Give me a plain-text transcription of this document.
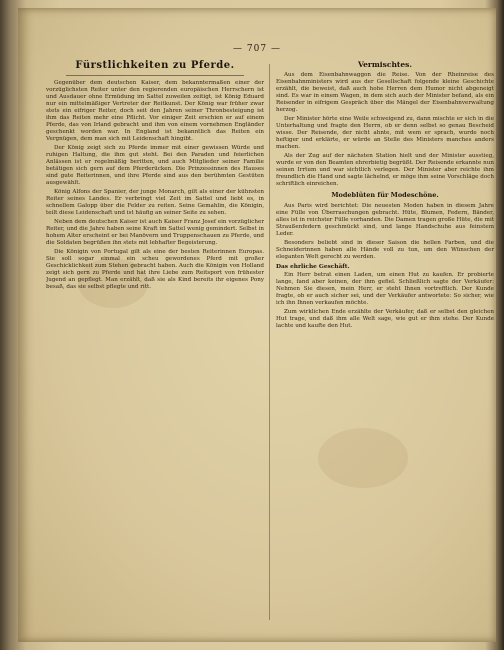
— 707 —
Fürstlichkeiten zu Pferde.

Gegenüber dem deutschen Kaiser, dem bekanntermaßen einer der vorzüglichsten Reiter unter den regierenden europäischen Herrschern ist und Ausdauer ohne Ermüdung im Sattel zuweilen zeitigt, ist König Eduard nur ein mittelmäßiger Vertreter der Reitkunst. Der König war früher zwar stets ein eifriger Reiter, doch seit den Jahren seiner Thronbesteigung ist ihm das Reiten mehr eine Pflicht. Vor einiger Zeit erschien er auf einem Pferde, das von Irland gebracht und ihm von einem vornehmen Engländer geschenkt worden war. In England ist bekanntlich das Reiten ein Vergnügen, dem man sich mit Leidenschaft hingibt.

Der König zeigt sich zu Pferde immer mit einer gewissen Würde und ruhigen Haltung, die ihm gut steht. Bei den Paraden und feierlichen Anlässen ist er regelmäßig beritten, und auch Mitglieder seiner Familie betätigen sich gern auf dem Pferderücken. Die Prinzessinnen des Hauses sind gute Reiterinnen, und ihre Pferde sind aus den berühmten Gestüten ausgewählt.

König Alfons der Spanier, der junge Monarch, gilt als einer der kühnsten Reiter seines Landes. Er verbringt viel Zeit im Sattel und liebt es, in schnellem Galopp über die Felder zu reiten. Seine Gemahlin, die Königin, teilt diese Leidenschaft und ist häufig an seiner Seite zu sehen.

Neben dem deutschen Kaiser ist auch Kaiser Franz Josef ein vorzüglicher Reiter, und die Jahre haben seine Kraft im Sattel wenig gemindert. Selbst in hohem Alter erscheint er bei Manövern und Truppenschauen zu Pferde, und die Soldaten begrüßen ihn stets mit lebhafter Begeisterung.

Die Königin von Portugal gilt als eine der besten Reiterinnen Europas. Sie soll sogar einmal ein scheu gewordenes Pferd mit großer Geschicklichkeit zum Stehen gebracht haben. Auch die Königin von Holland zeigt sich gern zu Pferde und hat ihre Liebe zum Reitsport von frühester Jugend an gepflegt. Man erzählt, daß sie als Kind bereits ihr eigenes Pony besaß, das sie selbst pflegte und ritt.

Vermischtes.

Aus dem Eisenbahnwaggon die Reise. Von der Rheinreise des Eisenbahnministers wird aus der Gesellschaft folgende kleine Geschichte erzählt, die beweist, daß auch hohe Herren dem Humor nicht abgeneigt sind. Es war in einem Wagen, in dem sich auch der Minister befand, als ein Reisender in eifrigem Gespräch über die Mängel der Eisenbahnverwaltung herzog.

Der Minister hörte eine Weile schweigend zu, dann mischte er sich in die Unterhaltung und fragte den Herrn, ob er denn selbst so genau Bescheid wisse. Der Reisende, der nicht ahnte, mit wem er sprach, wurde noch heftiger und erklärte, er würde an Stelle des Ministers manches anders machen.

Als der Zug auf der nächsten Station hielt und der Minister ausstieg, wurde er von den Beamten ehrerbietig begrüßt. Der Reisende erkannte nun seinen Irrtum und war sichtlich verlegen. Der Minister aber reichte ihm freundlich die Hand und sagte lächelnd, er möge ihm seine Vorschläge doch schriftlich einreichen.

Modeblüten für Modeschöne.

Aus Paris wird berichtet: Die neuesten Moden haben in diesem Jahre eine Fülle von Überraschungen gebracht. Hüte, Blumen, Federn, Bänder, alles ist in reichster Fülle vorhanden. Die Damen tragen große Hüte, die mit Straußenfedern geschmückt sind, und lange Handschuhe aus feinstem Leder.

Besonders beliebt sind in dieser Saison die hellen Farben, und die Schneiderinnen haben alle Hände voll zu tun, um den Wünschen der eleganten Welt gerecht zu werden.

Das ehrliche Geschäft.

Ein Herr betrat einen Laden, um einen Hut zu kaufen. Er probierte lange, fand aber keinen, der ihm gefiel. Schließlich sagte der Verkäufer: Nehmen Sie diesen, mein Herr, er steht Ihnen vortrefflich. Der Kunde fragte, ob er auch sicher sei, und der Verkäufer antwortete: So sicher, wie ich ihn Ihnen verkaufen möchte.

Zum wirklichen Ende erzählte der Verkäufer, daß er selbst den gleichen Hut trage, und daß ihm alle Welt sage, wie gut er ihm stehe. Der Kunde lachte und kaufte den Hut.
